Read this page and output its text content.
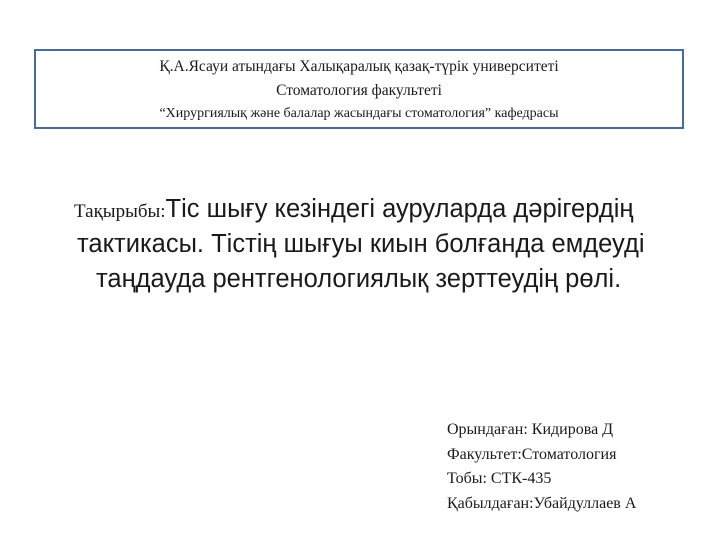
Қ.А.Ясауи атындағы Халықаралық қазақ-түрік университеті
Стоматология факультеті
“Хирургиялық және балалар жасындағы стоматология” кафедрасы
Тақырыбы:Тіс шығу кезіндегі ауруларда дәрігердің
тактикасы. Тістің шығуы киын болғанда емдеуді
таңдауда рентгенологиялық зерттеудің рөлі.
Орындаған: Кидирова Д
Факультет:Стоматология
Тобы: СТК-435
Қабылдаған:Убайдуллаев А
